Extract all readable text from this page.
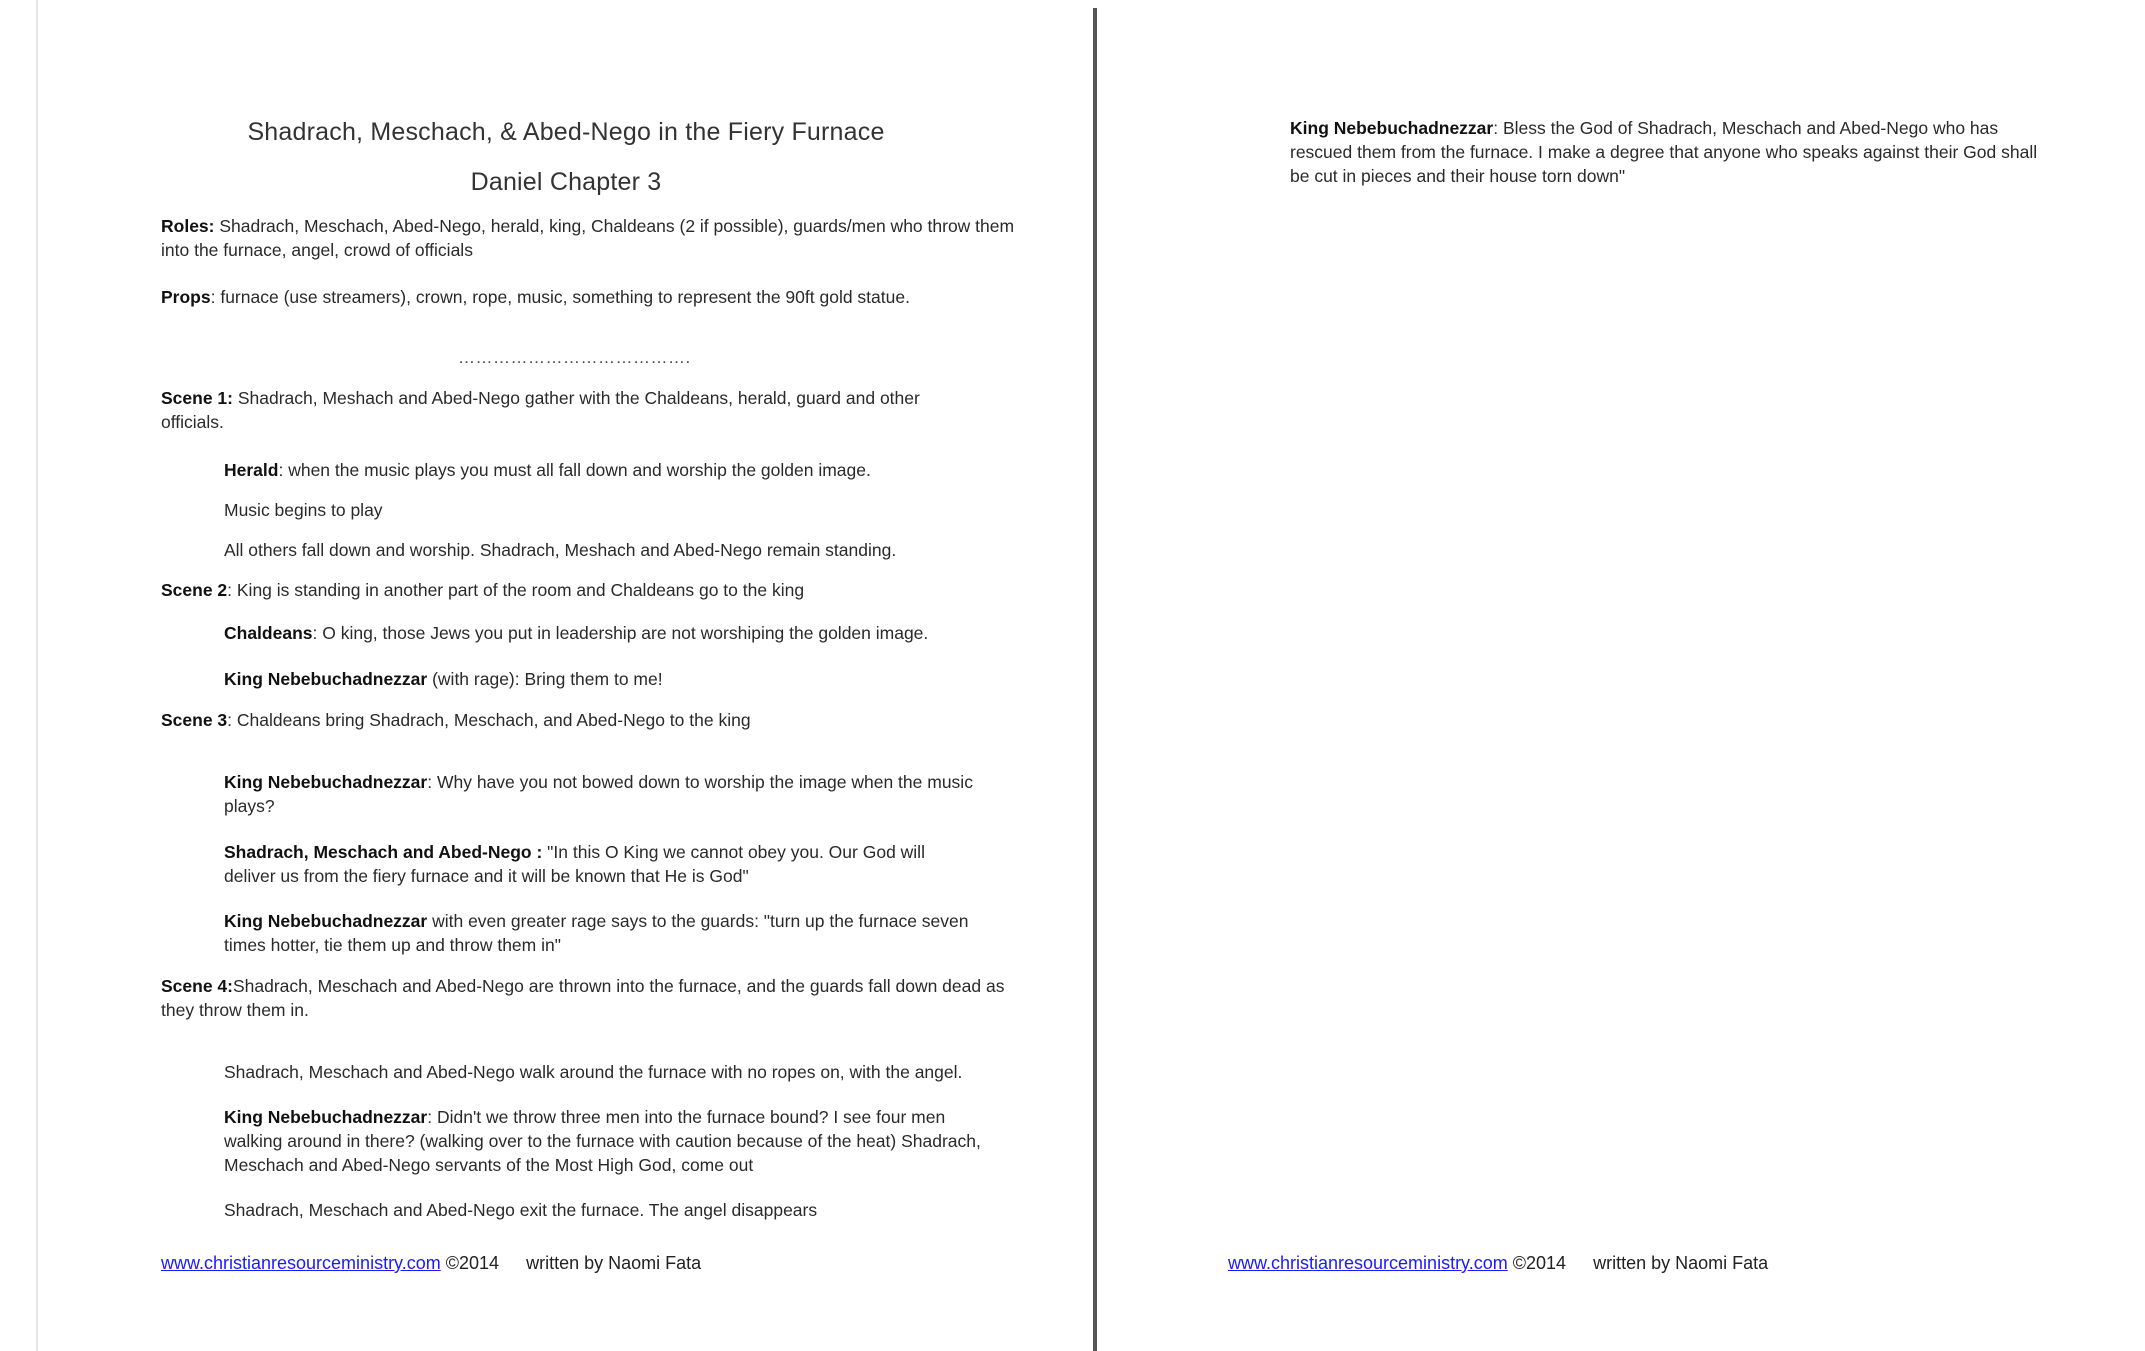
Shadrach, Meschach, & Abed-Nego in the Fiery Furnace
Daniel Chapter 3
Roles: Shadrach, Meschach, Abed-Nego, herald, king, Chaldeans (2 if possible), guards/men who throw them into the furnace, angel, crowd of officials
Props: furnace (use streamers), crown, rope, music, something to represent the 90ft gold statue.
………………………………….
Scene 1: Shadrach, Meshach and Abed-Nego gather with the Chaldeans, herald, guard and other officials.
Herald: when the music plays you must all fall down and worship the golden image.
Music begins to play
All others fall down and worship. Shadrach, Meshach and Abed-Nego remain standing.
Scene 2: King is standing in another part of the room and Chaldeans go to the king
Chaldeans: O king, those Jews you put in leadership are not worshiping the golden image.
King Nebebuchadnezzar (with rage): Bring them to me!
Scene 3: Chaldeans bring Shadrach, Meschach, and Abed-Nego to the king
King Nebebuchadnezzar: Why have you not bowed down to worship the image when the music plays?
Shadrach, Meschach and Abed-Nego : "In this O King we cannot obey you. Our God will deliver us from the fiery furnace and it will be known that He is God"
King Nebebuchadnezzar with even greater rage says to the guards: "turn up the furnace seven times hotter, tie them up and throw them in"
Scene 4:Shadrach, Meschach and Abed-Nego are thrown into the furnace, and the guards fall down dead as they throw them in.
Shadrach, Meschach and Abed-Nego walk around the furnace with no ropes on, with the angel.
King Nebebuchadnezzar: Didn't we throw three men into the furnace bound? I see four men walking around in there? (walking over to the furnace with caution because of the heat) Shadrach, Meschach and Abed-Nego servants of the Most High God, come out
Shadrach, Meschach and Abed-Nego exit the furnace. The angel disappears
www.christianresourceministry.com ©2014 written by Naomi Fata
King Nebebuchadnezzar: Bless the God of Shadrach, Meschach and Abed-Nego who has rescued them from the furnace. I make a degree that anyone who speaks against their God shall be cut in pieces and their house torn down"
www.christianresourceministry.com ©2014 written by Naomi Fata
